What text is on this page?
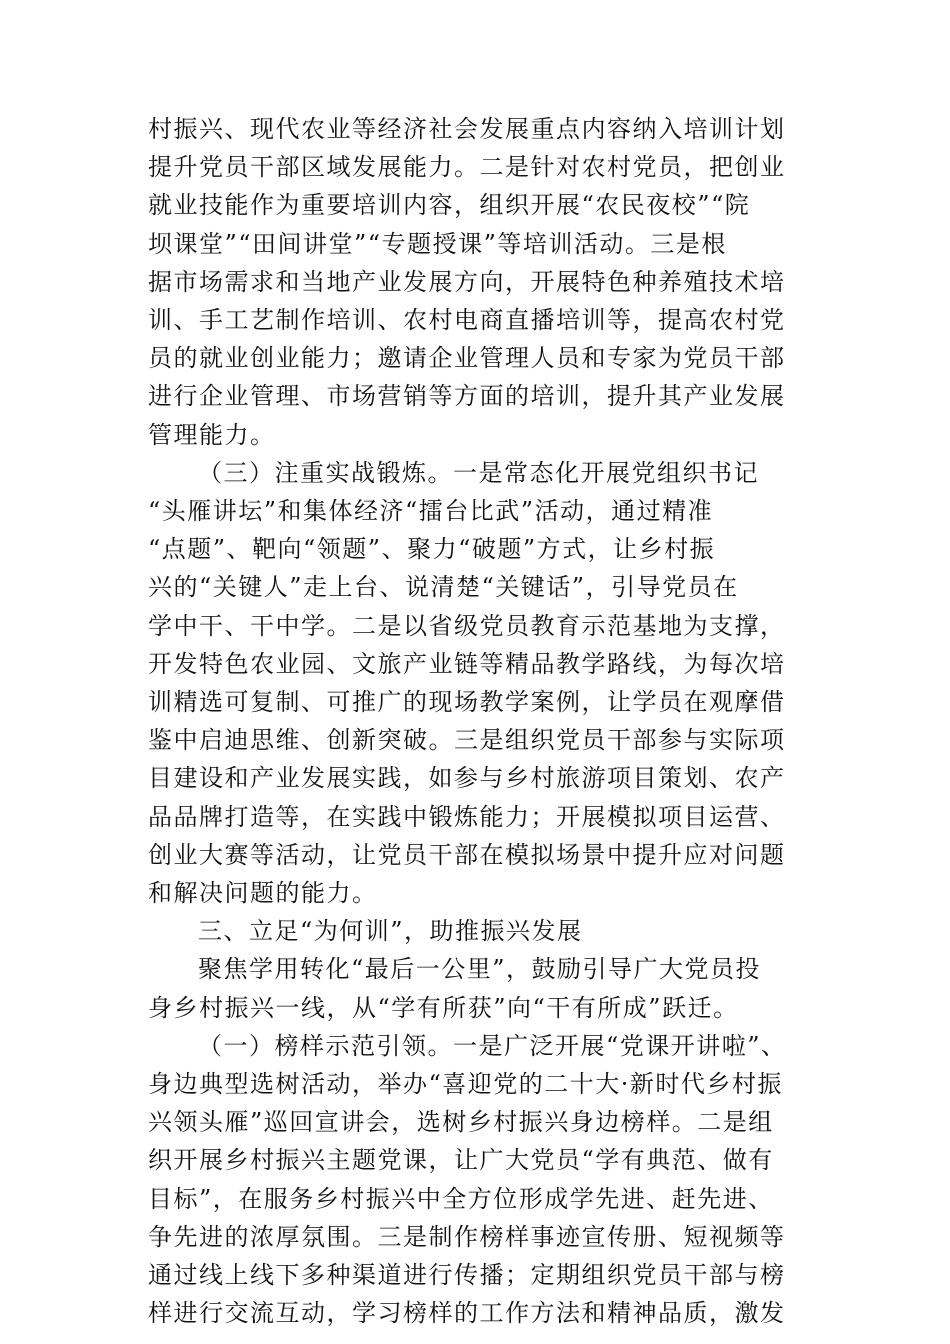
村振兴、现代农业等经济社会发展重点内容纳入培训计划
提升党员干部区域发展能力。二是针对农村党员，把创业
就业技能作为重要培训内容，组织开展“农民夜校”“院
坝课堂”“田间讲堂”“专题授课”等培训活动。三是根
据市场需求和当地产业发展方向，开展特色种养殖技术培
训、手工艺制作培训、农村电商直播培训等，提高农村党
员的就业创业能力；邀请企业管理人员和专家为党员干部
进行企业管理、市场营销等方面的培训，提升其产业发展
管理能力。
（三）注重实战锻炼。一是常态化开展党组织书记
“头雁讲坛”和集体经济“擂台比武”活动，通过精准
“点题”、靶向“领题”、聚力“破题”方式，让乡村振
兴的“关键人”走上台、说清楚“关键话”，引导党员在
学中干、干中学。二是以省级党员教育示范基地为支撑，
开发特色农业园、文旅产业链等精品教学路线，为每次培
训精选可复制、可推广的现场教学案例，让学员在观摩借
鉴中启迪思维、创新突破。三是组织党员干部参与实际项
目建设和产业发展实践，如参与乡村旅游项目策划、农产
品品牌打造等，在实践中锻炼能力；开展模拟项目运营、
创业大赛等活动，让党员干部在模拟场景中提升应对问题
和解决问题的能力。
三、立足“为何训”，助推振兴发展
聚焦学用转化“最后一公里”，鼓励引导广大党员投
身乡村振兴一线，从“学有所获”向“干有所成”跃迁。
（一）榜样示范引领。一是广泛开展“党课开讲啦”、
身边典型选树活动，举办“喜迎党的二十大·新时代乡村振
兴领头雁”巡回宣讲会，选树乡村振兴身边榜样。二是组
织开展乡村振兴主题党课，让广大党员“学有典范、做有
目标”，在服务乡村振兴中全方位形成学先进、赶先进、
争先进的浓厚氛围。三是制作榜样事迹宣传册、短视频等
通过线上线下多种渠道进行传播；定期组织党员干部与榜
样进行交流互动，学习榜样的工作方法和精神品质，激发
